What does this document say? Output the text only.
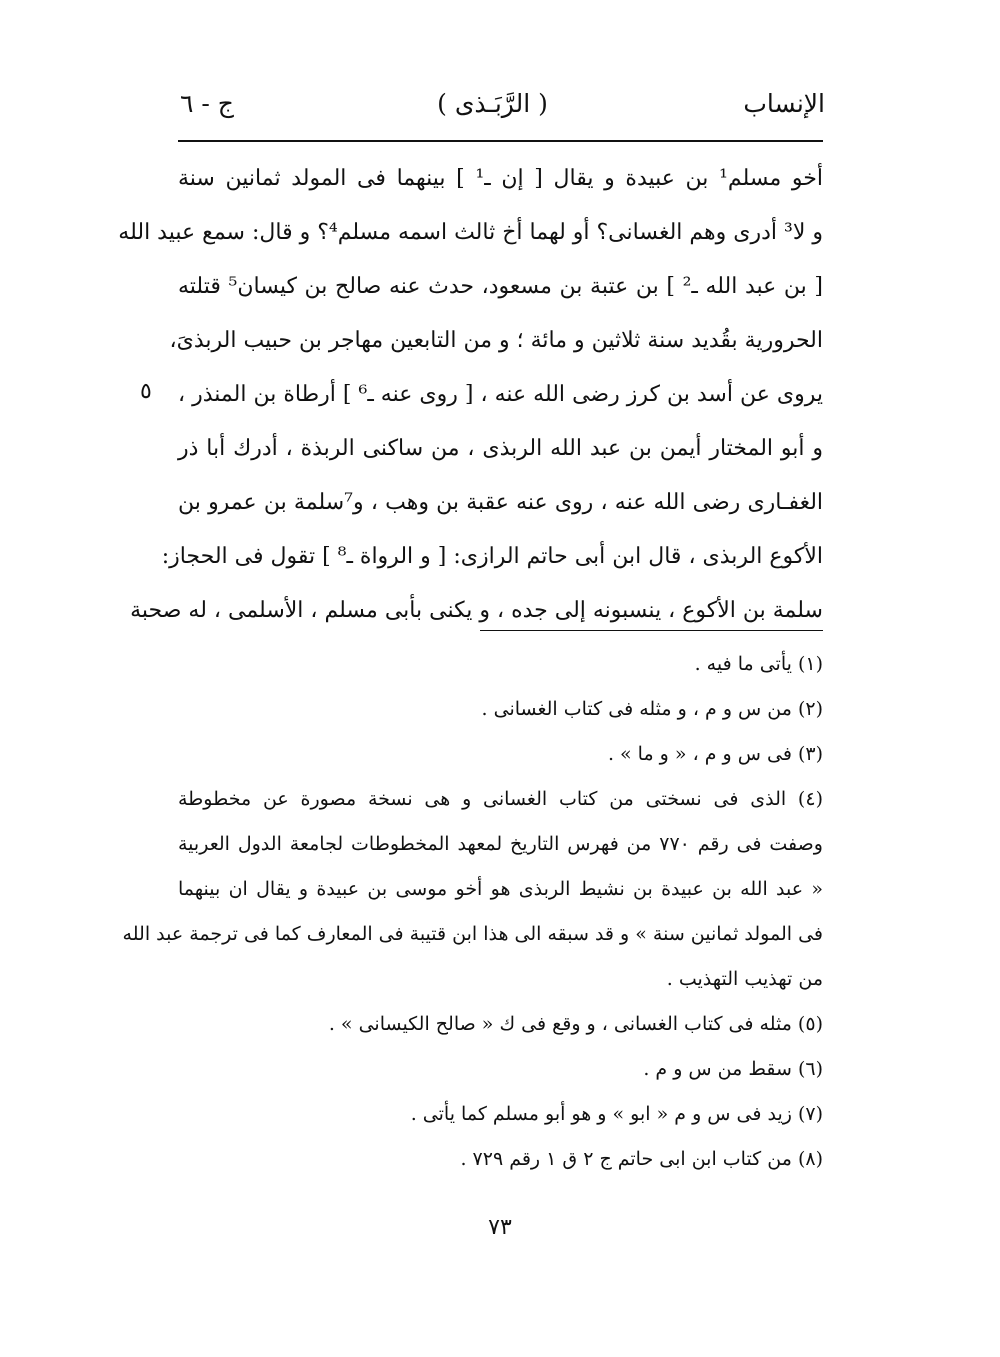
الإنساب
( الرَّبَـذى )
ج - ٦
أخو مسلم¹ بن عبيدة و يقال [ إن ـ¹ ] بينهما فى المولد ثمانين سنة
و لا³ أدرى وهم الغسانى؟ أو لهما أخ ثالث اسمه مسلم⁴؟ و قال: سمع عبيد الله
[ بن عبد الله ـ² ] بن عتبة بن مسعود، حدث عنه صالح بن كيسان⁵ قتلته
الحرورية بقُديد سنة ثلاثين و مائة ؛ و من التابعين مهاجر بن حبيب الربذىَ،
يروى عن أسد بن كرز رضى الله عنه ، [ روى عنه ـ⁶ ] أرطاة بن المنذر ،
و أبو المختار أيمن بن عبد الله الربذى ، من ساكنى الربذة ، أدرك أبا ذر
الغفـارى رضى الله عنه ، روى عنه عقبة بن وهب ، و⁷سلمة بن عمرو بن
الأكوع الربذى ، قال ابن أبى حاتم الرازى: [ و الرواة ـ⁸ ] تقول فى الحجاز:
سلمة بن الأكوع ، ينسبونه إلى جده ، و يكنى بأبى مسلم ، الأسلمى ، له صحبة
٥
(١) يأتى ما فيه .
(٢) من س و م ، و مثله فى كتاب الغسانى .
(٣) فى س و م ، « و ما » .
(٤) الذى فى نسختى من كتاب الغسانى و هى نسخة مصورة عن مخطوطة
وصفت فى رقم ٧٧٠ من فهرس التاريخ لمعهد المخطوطات لجامعة الدول العربية
« عبد الله بن عبيدة بن نشيط الربذى هو أخو موسى بن عبيدة و يقال ان بينهما
فى المولد ثمانين سنة » و قد سبقه الى هذا ابن قتيبة فى المعارف كما فى ترجمة عبد الله
من تهذيب التهذيب .
(٥) مثله فى كتاب الغسانى ، و وقع فى ك « صالح الكيسانى » .
(٦) سقط من س و م .
(٧) زيد فى س و م « ابو » و هو أبو مسلم كما يأتى .
(٨) من كتاب ابن ابى حاتم ج ٢ ق ١ رقم ٧٢٩ .
٧٣
